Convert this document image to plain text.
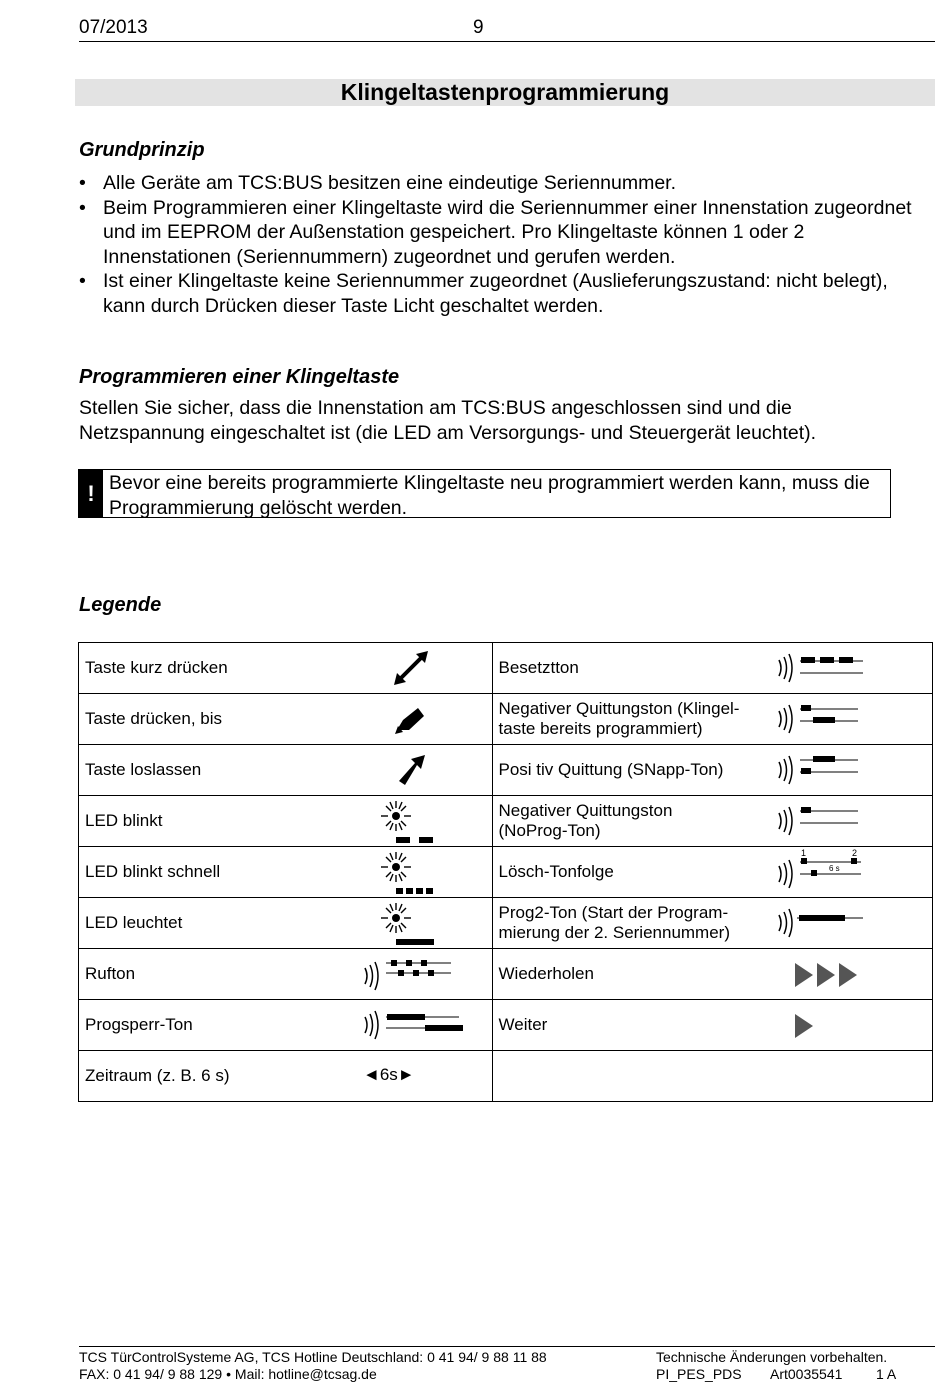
07/2013	9
Klingeltastenprogrammierung
Grundprinzip
• Alle Geräte am TCS:BUS besitzen eine eindeutige Seriennummer.
• Beim Programmieren einer Klingeltaste wird die Seriennummer einer Innenstation zugeordnet und im EEPROM der Außenstation gespeichert. Pro Klingeltaste können 1 oder 2 Innenstationen (Seriennummern) zugeordnet und gerufen werden.
• Ist einer Klingeltaste keine Seriennummer zugeordnet (Auslieferungszustand: nicht belegt), kann durch Drücken dieser Taste Licht geschaltet werden.
Programmieren einer Klingeltaste
Stellen Sie sicher, dass die Innenstation am TCS:BUS angeschlossen sind und die Netzspannung eingeschaltet ist (die LED am Versorgungs- und Steuergerät leuchtet).
! Bevor eine bereits programmierte Klingeltaste neu programmiert werden kann, muss die Programmierung gelöscht werden.
Legende
Taste kurz drücken	Besetztton

Taste drücken, bis	Negativer Quittungston (Klingel-
taste bereits programmiert)

Taste loslassen	Posi tiv Quittung (SNapp-Ton)

LED blinkt	Negativer Quittungston
(NoProg-Ton)

LED blinkt schnell	Lösch-Tonfolge
1 2
6 s

LED leuchtet	Prog2-Ton (Start der Program-
mierung der 2. Seriennummer)

Rufton	Wiederholen

Progsperr-Ton	Weiter

Zeitraum (z. B. 6 s) ◄6s►	

TCS TürControlSysteme AG, TCS Hotline Deutschland: 0 41 94/ 9 88 11 88
FAX: 0 41 94/ 9 88 129 • Mail: hotline@tcsag.de
Technische Änderungen vorbehalten.
PI_PES_PDS Art0035541 1 A
